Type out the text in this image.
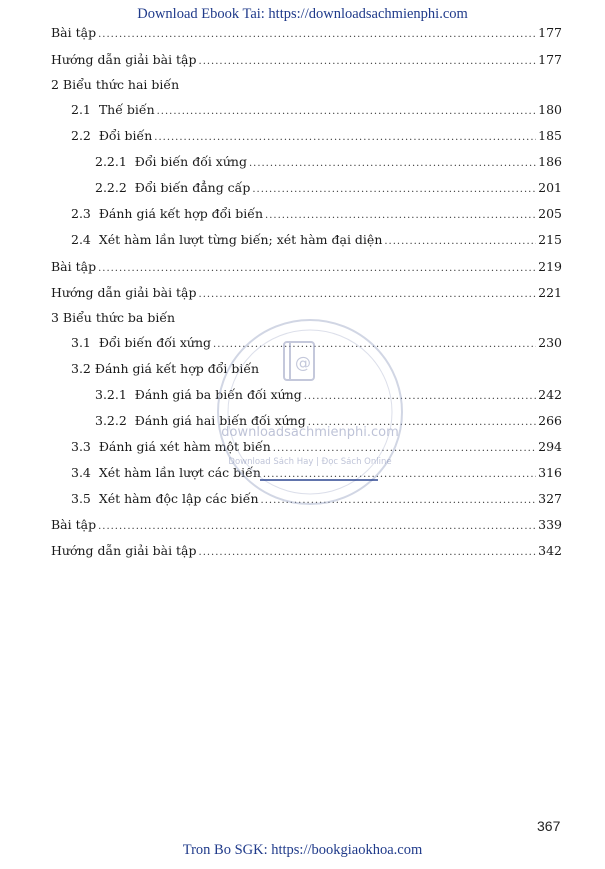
Download Ebook Tai: https://downloadsachmienphi.com
Bài tập .....	177
Hướng dẫn giải bài tập .....	177
2 Biểu thức hai biến
2.1 Thế biến .....	180
2.2 Đổi biến .....	185
2.2.1 Đổi biến đối xứng .....	186
2.2.2 Đổi biến đẳng cấp .....	201
2.3 Đánh giá kết hợp đổi biến .....	205
2.4 Xét hàm lần lượt từng biến; xét hàm đại diện .....	215
Bài tập .....	219
Hướng dẫn giải bài tập .....	221
3 Biểu thức ba biến
3.1 Đổi biến đối xứng .....	230
3.2 Đánh giá kết hợp đổi biến
3.2.1 Đánh giá ba biến đối xứng .....	242
3.2.2 Đánh giá hai biến đối xứng .....	266
3.3 Đánh giá xét hàm một biến .....	294
3.4 Xét hàm lần lượt các biến .....	316
3.5 Xét hàm độc lập các biến .....	327
Bài tập .....	339
Hướng dẫn giải bài tập .....	342
@
downloadsachmienphi.com
Download Sách Hay | Đọc Sách Online
367
Tron Bo SGK: https://bookgiaokhoa.com
